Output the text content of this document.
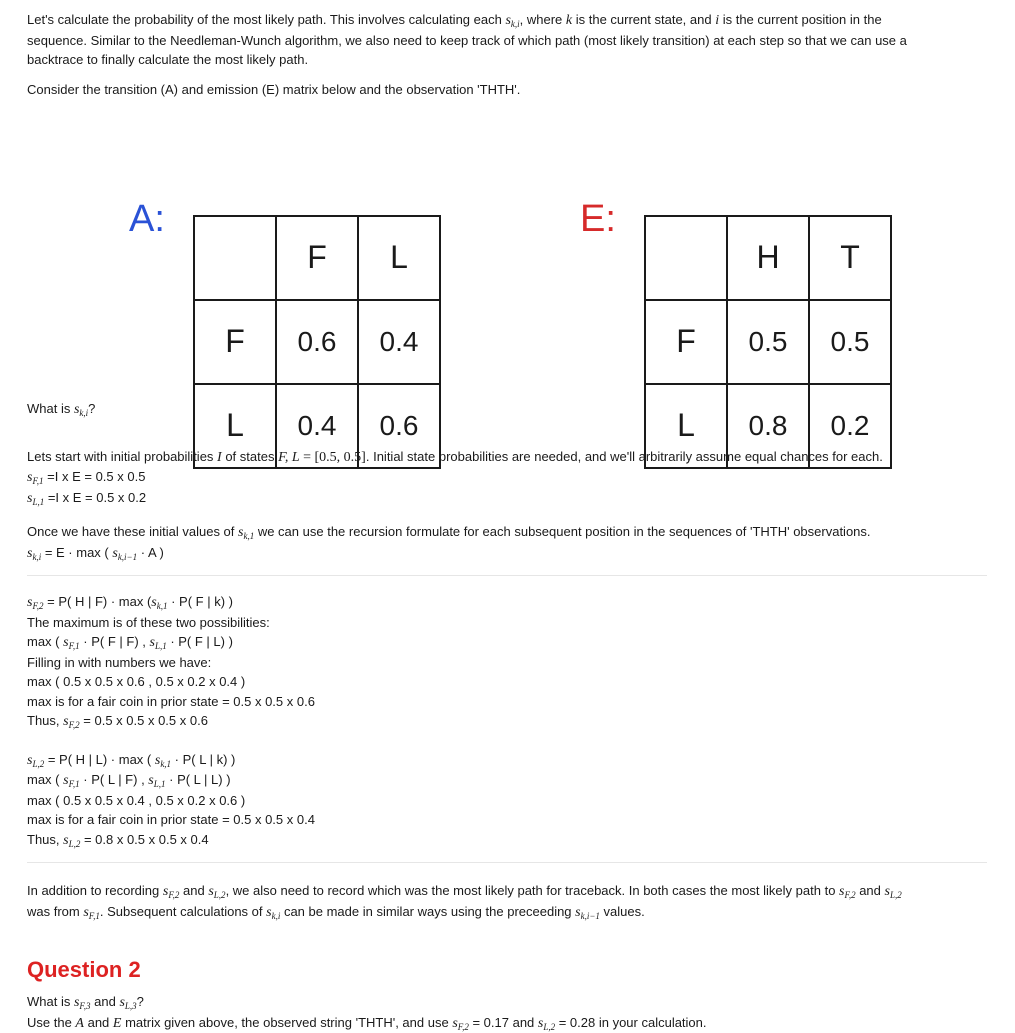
Let's calculate the probability of the most likely path. This involves calculating each $s_{k,i}$, where k is the current state, and i is the current position in the
sequence. Similar to the Needleman-Wunch algorithm, we also need to keep track of which path (most likely transition) at each step so that we can use a
backtrace to finally calculate the most likely path.

Consider the transition (A) and emission (E) matrix below and the observation 'THTH'.

A:
	F	L
F	0.6	0.4
L	0.4	0.6
E:
	H	T
F	0.5	0.5
L	0.8	0.2

What is $s_{k,i}$?

Lets start with initial probabilities I of states F, L = [0.5, 0.5]. Initial state probabilities are needed, and we'll arbitrarily assume equal chances for each.
$s_{F,1} =I$ x E = 0.5 x 0.5
$s_{L,1} =I$ x E = 0.5 x 0.2

Once we have these initial values of $s_{k,1}$ we can use the recursion formulate for each subsequent position in the sequences of 'THTH' observations.
$s_{k,i} = E \cdot \max$ ( $s_{k,i-1} \cdot A$ )

$s_{F,2} = P$( H | $F) \cdot \max (s_{k,1} \cdot P$( F | k) )
The maximum is of these two possibilities:
max ( $s_{F,1} \cdot P$( F | F) , $s_{L,1} \cdot P$( F | L) )
Filling in with numbers we have:
max ( 0.5 x 0.5 x 0.6 , 0.5 x 0.2 x 0.4 )
max is for a fair coin in prior state = 0.5 x 0.5 x 0.6
Thus, $s_{F,2} = 0.5$ x 0.5 x 0.5 x 0.6

$s_{L,2} = P$( H | L) · max ( $s_{k,1} \cdot P$( L | k) )
max ( $s_{F,1} \cdot P$( L | F) , $s_{L,1} \cdot P$( L | L) )
max ( 0.5 x 0.5 x 0.4 , 0.5 x 0.2 x 0.6 )
max is for a fair coin in prior state = 0.5 x 0.5 x 0.4
Thus, $s_{L,2} = 0.8$ x 0.5 x 0.5 x 0.4

In addition to recording $s_{F,2}$ and $s_{L,2}$, we also need to record which was the most likely path for traceback. In both cases the most likely path to $s_{F,2}$ and $s_{L,2}$
was from $s_{F,1}$. Subsequent calculations of $s_{k,i}$ can be made in similar ways using the preceeding $s_{k,i-1}$ values.

Question 2

What is $s_{F,3}$ and $s_{L,3}$?
Use the A and E matrix given above, the observed string 'THTH', and use $s_{F,2} = 0.17$ and $s_{L,2} = 0.28$ in your calculation.
